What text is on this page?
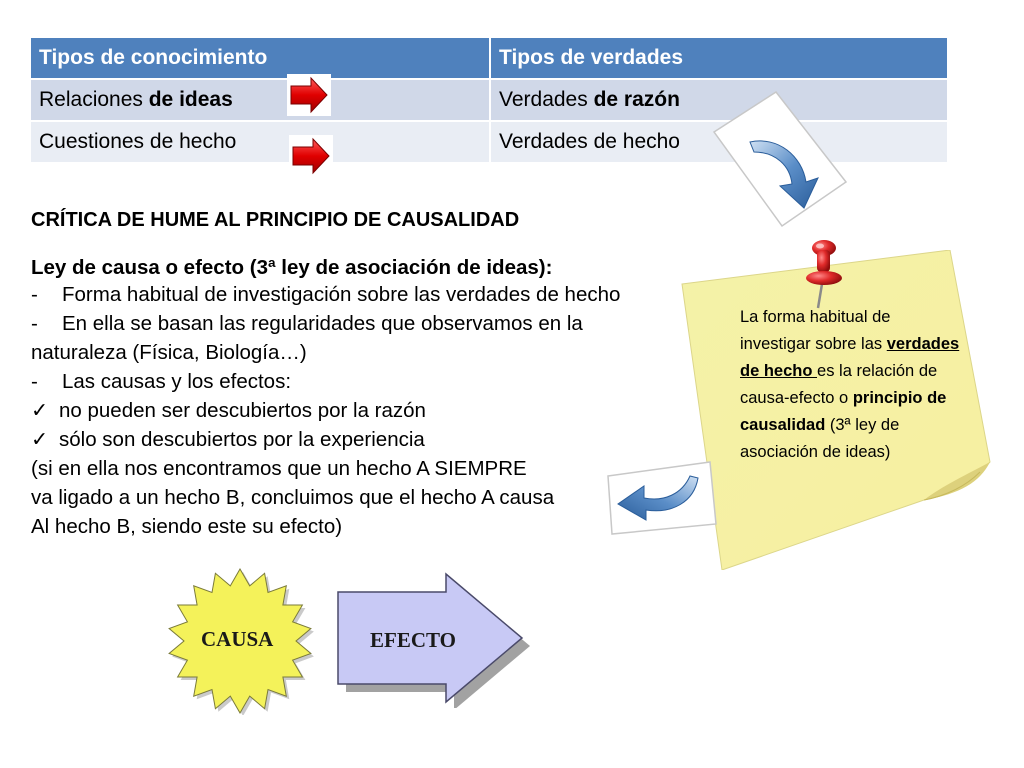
Tipos de conocimiento	Tipos de verdades
Relaciones de ideas	Verdades de razón
Cuestiones de hecho	Verdades de hecho
La forma habitual de investigar sobre las verdades de hecho es la relación de causa-efecto o principio de causalidad (3ª ley de asociación de ideas)
CRÍTICA DE HUME AL PRINCIPIO DE CAUSALIDAD
Ley de causa o efecto (3ª ley de asociación de ideas):
- Forma habitual de investigación sobre las verdades de hecho
- En ella se basan las regularidades que observamos en la
naturaleza (Física, Biología…)
- Las causas y los efectos:
✓ no pueden ser descubiertos por la razón
✓ sólo son descubiertos por la experiencia
(si en ella nos encontramos que un hecho A SIEMPRE
va ligado a un hecho B, concluimos que el hecho A causa
Al hecho B, siendo este su efecto)
CAUSA	EFECTO
